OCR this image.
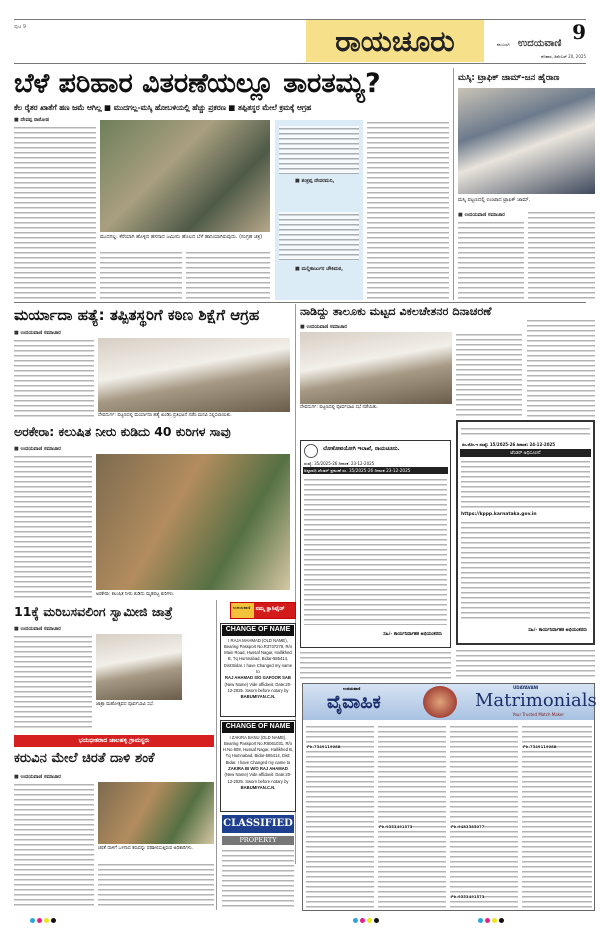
ಪುಟ 9	ರಾಯಚೂರು	9
ಕಲಬುರಗಿ ಉದಯವಾಣಿ
ಶನಿವಾರ, ಡಿಸೆಂಬರ್ 20, 2025
ಬೆಳೆ ಪರಿಹಾರ ವಿತರಣೆಯಲ್ಲೂ ತಾರತಮ್ಯ?
ಕೆಲ ರೈತರ ಖಾತೆಗೆ ಹಣ ಜಮೆ ಆಗಿಲ್ಲ ■ ಮುದಗಲ್ಲ-ಮಸ್ಕಿ ಹೋಬಳಿಯಲ್ಲಿ ಹೆಚ್ಚು ಪ್ರಕರಣ ■ ತಪ್ಪಿತಸ್ಥರ ಮೇಲೆ ಕ್ರಮಕ್ಕೆ ಆಗ್ರಹ
■ ದೇವಪ್ಪ ರಾಠೋಡ
ಮುದಗಲ್ಲ: ಕೆರೆಯಾಗಿ ಹೊಳ್ಳಿದ ಹಸನಾದ ಜಮೀನು ಹೊಲದ ಬೆಳೆ ಹಾನಿಯಾಗಿರುವುದು. (ಸಂಗ್ರಹ ಚಿತ್ರ)
■ ಶಂಕ್ರಪ್ಪ ದೇವರಮನಿ,
■ ಮಲ್ಲಿಕಾರ್ಜುನ ಚೌಕಿಮಠ,
ಮಸ್ಕಿ: ಟ್ರಾಫಿಕ್ ಜಾಮ್-ಜನ ಹೈರಾಣ
ಮಸ್ಕಿ ಪಟ್ಟಣದಲ್ಲಿ ಉಂಟಾದ ಟ್ರಾಫಿಕ್ ಜಾಮ್.
■ ಉದಯವಾಣಿ ಸಮಾಚಾರ
ಮರ್ಯಾದಾ ಹತ್ಯೆ: ತಪ್ಪಿತಸ್ಥರಿಗೆ ಕಠಿಣ ಶಿಕ್ಷೆಗೆ ಆಗ್ರಹ
■ ಉದಯವಾಣಿ ಸಮಾಚಾರ
ದೇವದುರ್ಗ: ಪಟ್ಟಣದಲ್ಲಿ ಮರ್ಯಾದಾ ಹತ್ಯೆ ಖಂಡಿಸಿ ಪ್ರತಿಭಟನೆ ನಡೆಸಿ ಮನವಿ ಸಲ್ಲಿಸಲಾಯಿತು.
ನಾಡಿದ್ದು ತಾಲೂಕು ಮಟ್ಟದ ವಿಕಲಚೇತನರ ದಿನಾಚರಣೆ
■ ಉದಯವಾಣಿ ಸಮಾಚಾರ
ದೇವದುರ್ಗ: ಪಟ್ಟಣದಲ್ಲಿ ಪೂರ್ವಭಾವಿ ಸಭೆ ನಡೆಯಿತು.
ಅರಕೇರಾ: ಕಲುಷಿತ ನೀರು ಕುಡಿದು 40 ಕುರಿಗಳ ಸಾವು
■ ಉದಯವಾಣಿ ಸಮಾಚಾರ
ಅರಕೇರಾ: ಕಲುಷಿತ ನೀರು ಕುಡಿದು ಮೃತಪಟ್ಟ ಕುರಿಗಳು.
ಲೋಕೋಪಯೋಗಿ ಇಲಾಖೆ, ರಾಯಚೂರು.
ಸಂಖ್ಯೆ: 35/2025-26 ದಿನಾಂಕ: 23-12-2025
ಅಲ್ಪಾವಧಿ ಟೆಂಡರ್ ಪ್ರಕಟಣೆ ಸಂ. 35/2025-26 ದಿನಾಂಕ 23-12-2025
ಸಹಿ/- ಕಾರ್ಯನಿರ್ವಾಹಕ ಅಭಿಯಂತರರು
ಸಂ.ಲೋ.ಇ ಸಂಖ್ಯೆ: 15/2025-26 ದಿನಾಂಕ: 24-12-2025
ಟೆಂಡರ್ ಅಧಿಸೂಚನೆ
https://kppp.karnataka.gov.in
ಸಹಿ/- ಕಾರ್ಯನಿರ್ವಾಹಕ ಅಭಿಯಂತರರು
11ಕ್ಕೆ ಮರಿಬಸವಲಿಂಗ ಸ್ವಾಮೀಜಿ ಜಾತ್ರೆ
■ ಉದಯವಾಣಿ ಸಮಾಚಾರ
ಜಾತ್ರಾ ಮಹೋತ್ಸವದ ಪೂರ್ವಭಾವಿ ಸಭೆ.
ಉದಯವಾಣಿ ನಮ್ಮ ಕ್ಲಾಸಿಫೈಡ್
CHANGE OF NAME
I RAJA MAHMAD (OLD NAME),
Bearing Passport No.R3737278, R/o Main Road, Hussaf Nagar, Hallikhed B, Tq Humnabad, Bidar-585414, Dist:Bidar. I have Changed my name to
RAJ AHAMAD S/O GAFOOR SAB
(New Name) Vide affidavit. Date:20-12-2025. Sworn before notary by
BABUMIYAN.C.N.
CHANGE OF NAME
I ZAKIRA BANU (OLD NAME),
Bearing Passport No.R6061031, R/o H.No 808, Hussaf Nagar, Hallikhed B, Tq Humnabad, Bidar-585414, Dist: Bidar. I have Changed my name to
ZAKIRA BI W/O RAJ AHAMAD
(New Name) Vide affidavit. Date:20-12-2025. Sworn before notary by
BABUMIYAN.C.N.
CLASSIFIED
PROPERTY
ಭಯಭೀತರಾದ ಜಾಲಹಳ್ಳಿ ಗ್ರಾಮಸ್ಥರು
ಕರುವಿನ ಮೇಲೆ ಚಿರತೆ ದಾಳಿ ಶಂಕೆ
■ ಉದಯವಾಣಿ ಸಮಾಚಾರ
ಚಿರತೆ ದಾಳಿಗೆ ಒಳಗಾದ ಕರುವನ್ನು ಪರಿಶೀಲಿಸುತ್ತಿರುವ ಅಧಿಕಾರಿಗಳು.
ಉದಯವಾಣಿ
ವೈವಾಹಿಕ
UDAYAVANI
Matrimonials
Your Trusted Match Maker
Ph:7349119088
Ph:9353491573	Ph:9483385077
Ph:7349119088
Ph:9353491573
